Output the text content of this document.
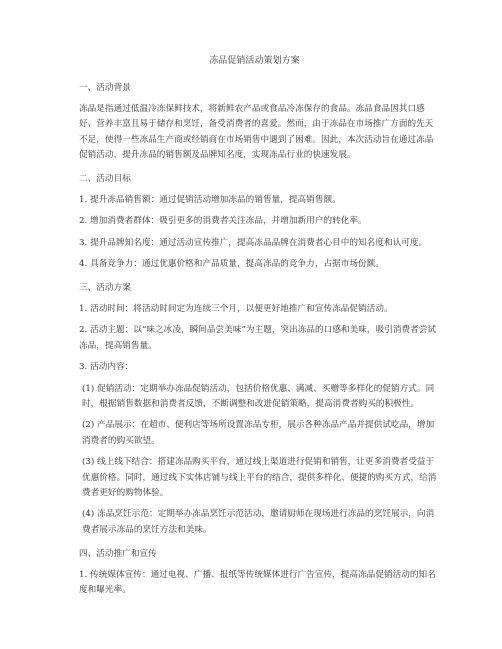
冻品促销活动策划方案
一、活动背景

冻品是指通过低温冷冻保鲜技术，将新鲜农产品或食品冷冻保存的食品。冻品食品因其口感好、营养丰富且易于储存和烹饪，备受消费者的喜爱。然而，由于冻品在市场推广方面的先天不足，使得一些冻品生产商或经销商在市场销售中遇到了困难。因此，本次活动旨在通过冻品促销活动，提升冻品的销售额及品牌知名度，实现冻品行业的快速发展。

二、活动目标

1. 提升冻品销售额：通过促销活动增加冻品的销售量，提高销售额。

2. 增加消费者群体：吸引更多的消费者关注冻品，并增加新用户的转化率。

3. 提升品牌知名度：通过活动宣传推广，提高冻品品牌在消费者心目中的知名度和认可度。

4. 具备竞争力：通过优惠价格和产品质量，提高冻品的竞争力，占据市场份额。

三、活动方案

1. 活动时间：将活动时间定为连续三个月，以便更好地推广和宣传冻品促销活动。

2. 活动主题：以“味之冰凌，瞬间品尝美味”为主题，突出冻品的口感和美味，吸引消费者尝试冻品，提高销售量。

3. 活动内容：

(1) 促销活动：定期举办冻品促销活动，包括价格优惠、满减、买赠等多样化的促销方式。同时，根据销售数据和消费者反馈，不断调整和改进促销策略，提高消费者购买的积极性。

(2) 产品展示：在超市、便利店等场所设置冻品专柜，展示各种冻品产品并提供试吃品，增加消费者的购买欲望。

(3) 线上线下结合：搭建冻品购买平台，通过线上渠道进行促销和销售，让更多消费者受益于优惠价格。同时，通过线下实体店铺与线上平台的结合，提供多样化、便捷的购买方式，给消费者更好的购物体验。

(4) 冻品烹饪示范：定期举办冻品烹饪示范活动，邀请厨师在现场进行冻品的烹饪展示，向消费者展示冻品的烹饪方法和美味。

四、活动推广和宣传

1. 传统媒体宣传：通过电视、广播、报纸等传统媒体进行广告宣传，提高冻品促销活动的知名度和曝光率。
